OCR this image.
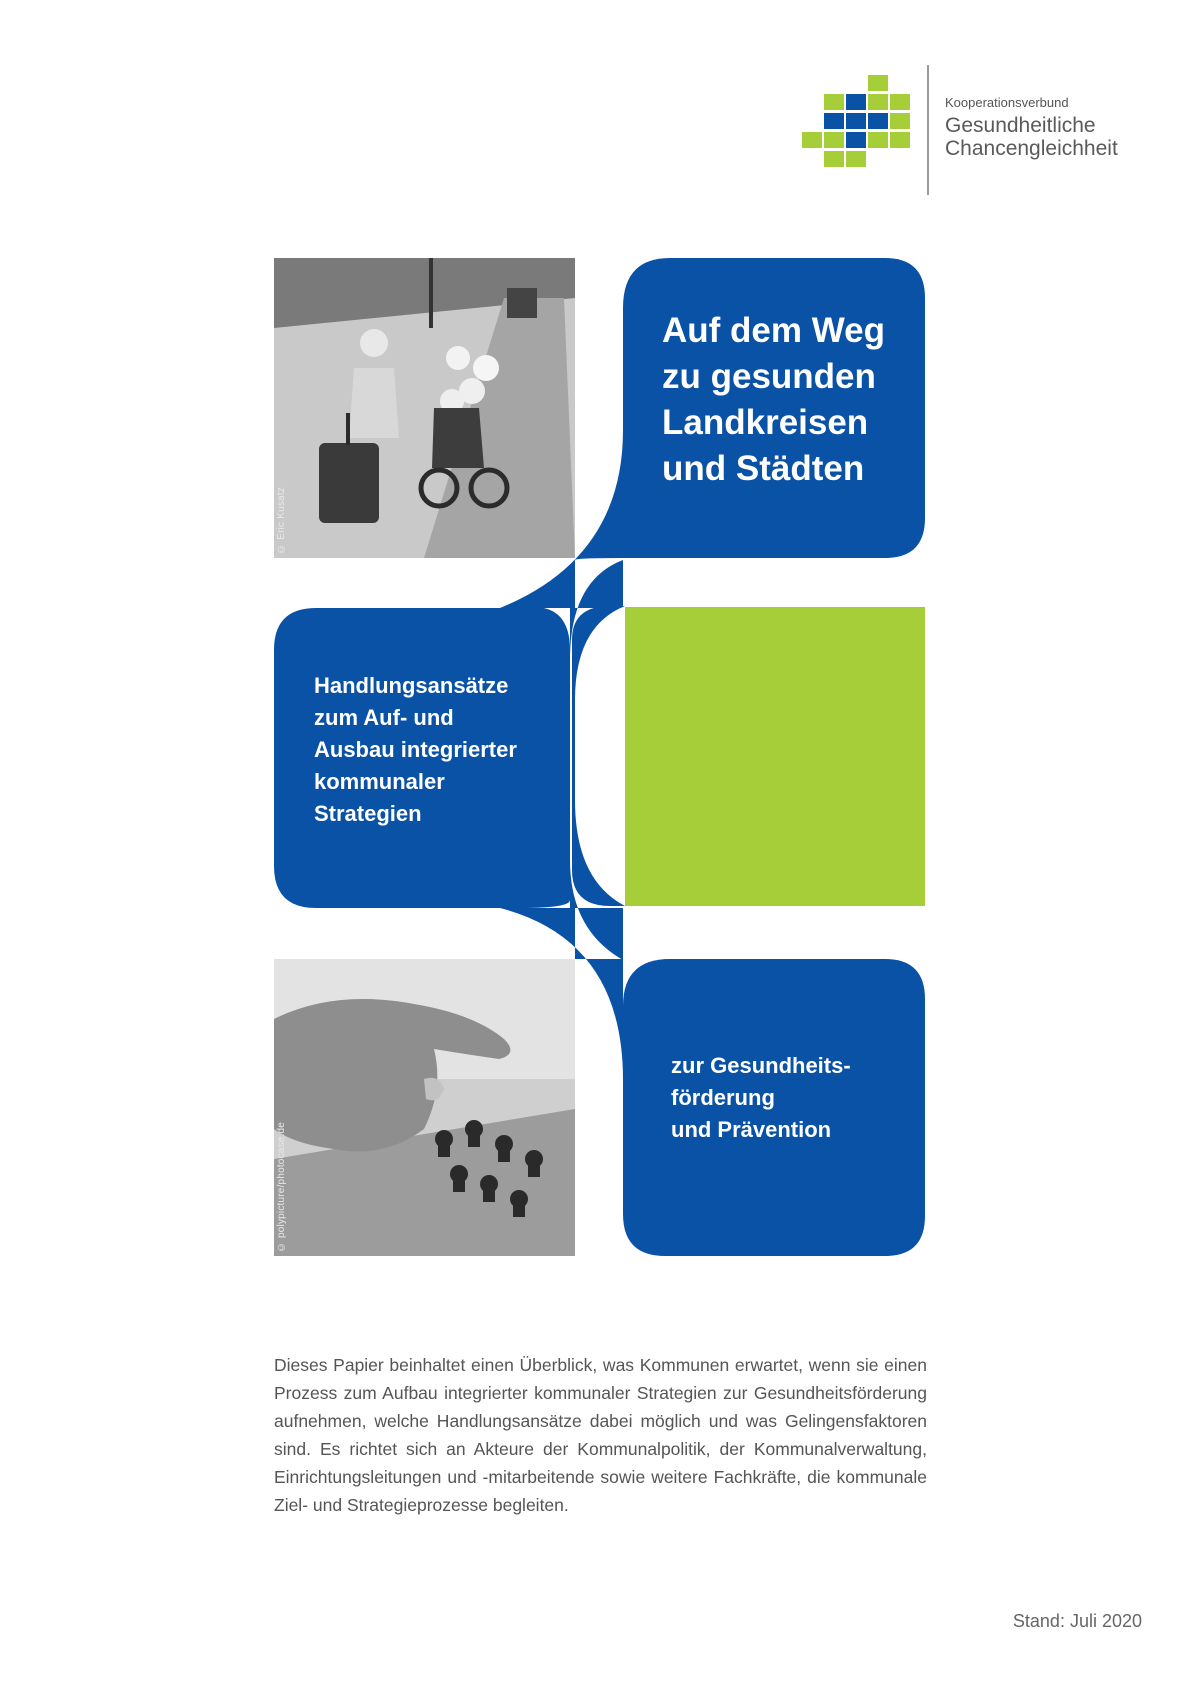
Kooperationsverbund
Gesundheitliche
Chancengleichheit
© Eric Kusatz
© polypicture/photocase.de
Auf dem Weg
zu gesunden
Landkreisen
und Städten
Handlungsansätze
zum Auf- und
Ausbau integrierter
kommunaler
Strategien
zur Gesundheits-
förderung
und Prävention
Dieses Papier beinhaltet einen Überblick, was Kommunen erwartet, wenn sie einen Prozess zum Aufbau integrierter kommunaler Strategien zur Gesundheitsförderung aufnehmen, welche Handlungsansätze dabei möglich und was Gelingensfaktoren sind. Es richtet sich an Akteure der Kommunalpolitik, der Kommunalverwaltung, Einrichtungsleitungen und -mitarbeitende sowie weitere Fachkräfte, die kommunale Ziel- und Strategieprozesse begleiten.
Stand: Juli 2020
